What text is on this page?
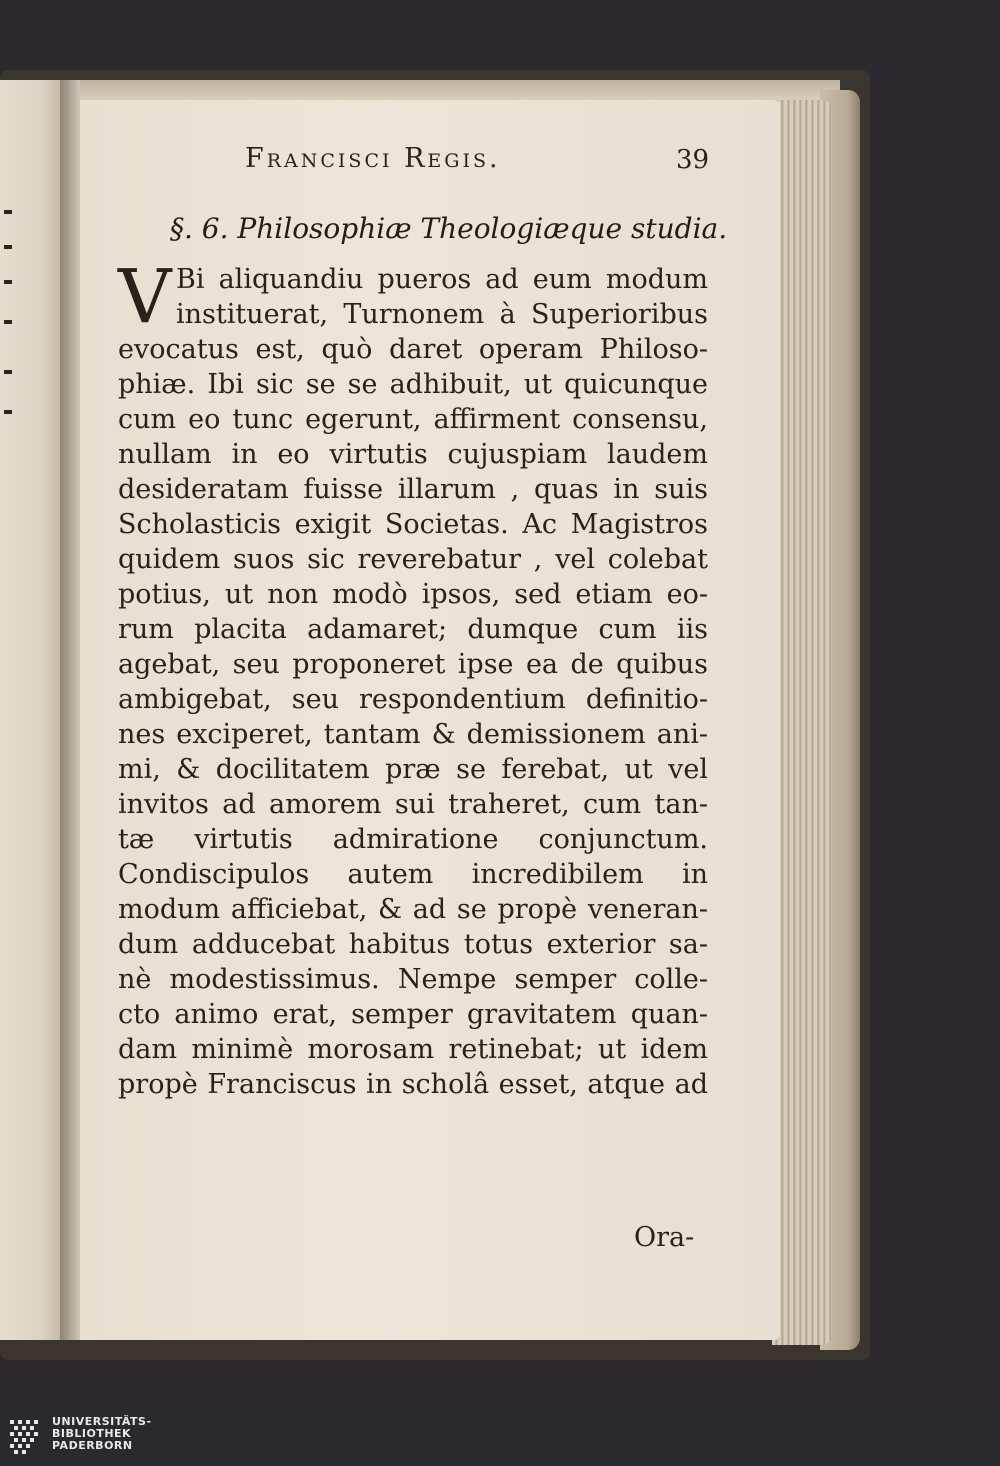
Francisci Regis.	39
§. 6. Philosophiæ Theologiæque studia.
V Bi aliquandiu pueros ad eum modum
instituerat, Turnonem à Superioribus
evocatus est, quò daret operam Philoso-
phiæ. Ibi sic se se adhibuit, ut quicunque
cum eo tunc egerunt, affirment consensu,
nullam in eo virtutis cujuspiam laudem
desideratam fuisse illarum , quas in suis
Scholasticis exigit Societas. Ac Magistros
quidem suos sic reverebatur , vel colebat
potius, ut non modò ipsos, sed etiam eo-
rum placita adamaret; dumque cum iis
agebat, seu proponeret ipse ea de quibus
ambigebat, seu respondentium definitio-
nes exciperet, tantam & demissionem ani-
mi, & docilitatem præ se ferebat, ut vel
invitos ad amorem sui traheret, cum tan-
tæ virtutis admiratione conjunctum.
Condiscipulos autem incredibilem in
modum afficiebat, & ad se propè veneran-
dum adducebat habitus totus exterior sa-
nè modestissimus. Nempe semper colle-
cto animo erat, semper gravitatem quan-
dam minimè morosam retinebat; ut idem
propè Franciscus in scholâ esset, atque ad
Ora-
UNIVERSITÄTS-
BIBLIOTHEK
PADERBORN
